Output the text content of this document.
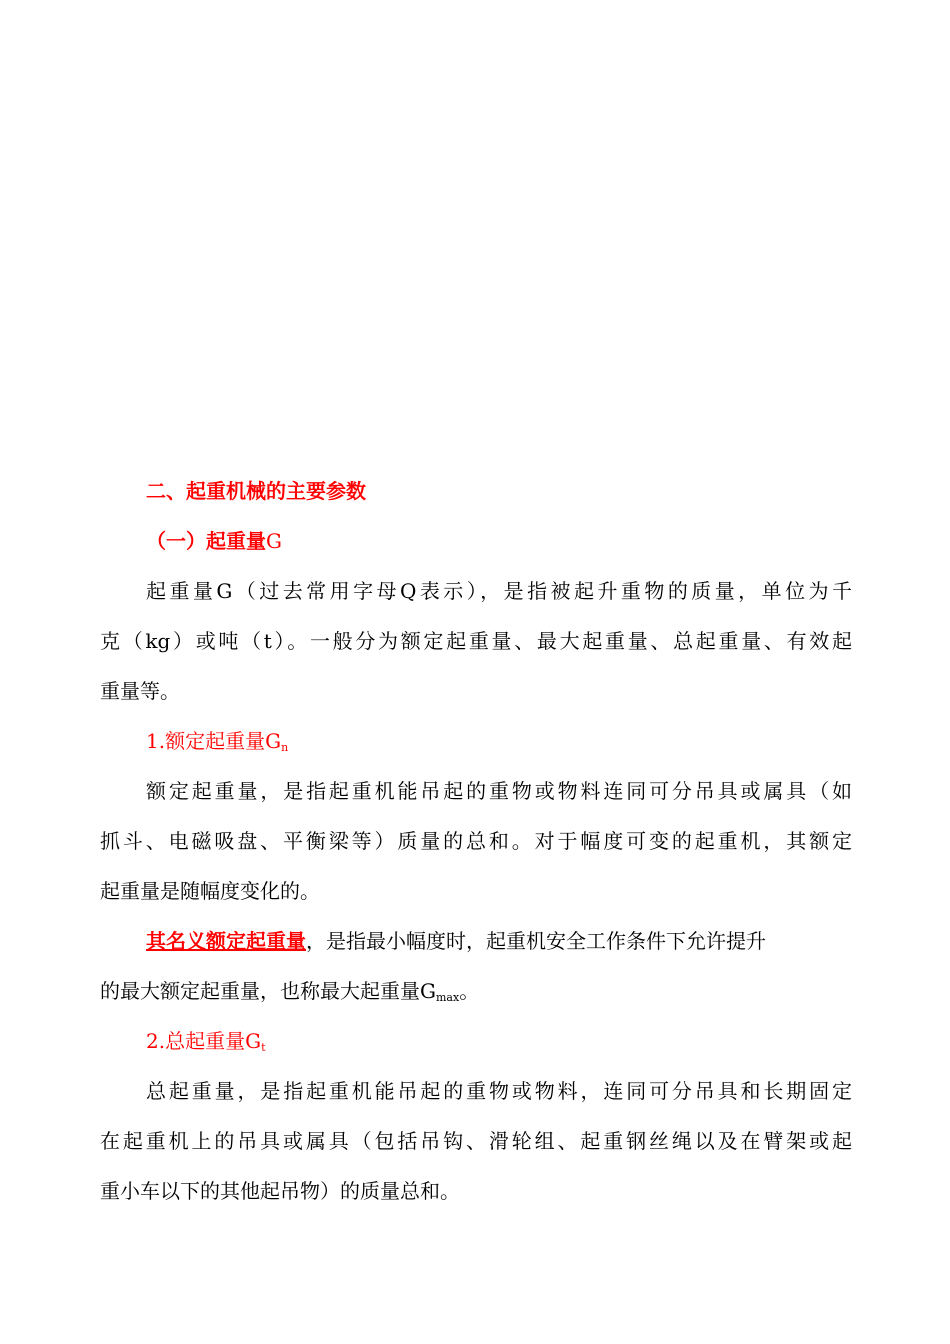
二、起重机械的主要参数
（一）起重量G
起重量G（过去常用字母Q表示），是指被起升重物的质量，单位为千
克（kg）或吨（t）。一般分为额定起重量、最大起重量、总起重量、有效起
重量等。
1.额定起重量$G_n$
额定起重量，是指起重机能吊起的重物或物料连同可分吊具或属具（如
抓斗、电磁吸盘、平衡梁等）质量的总和。对于幅度可变的起重机，其额定
起重量是随幅度变化的。
其名义额定起重量，是指最小幅度时，起重机安全工作条件下允许提升
的最大额定起重量，也称最大起重量$G_{max}$。
2.总起重量$G_t$
总起重量，是指起重机能吊起的重物或物料，连同可分吊具和长期固定
在起重机上的吊具或属具（包括吊钩、滑轮组、起重钢丝绳以及在臂架或起
重小车以下的其他起吊物）的质量总和。
